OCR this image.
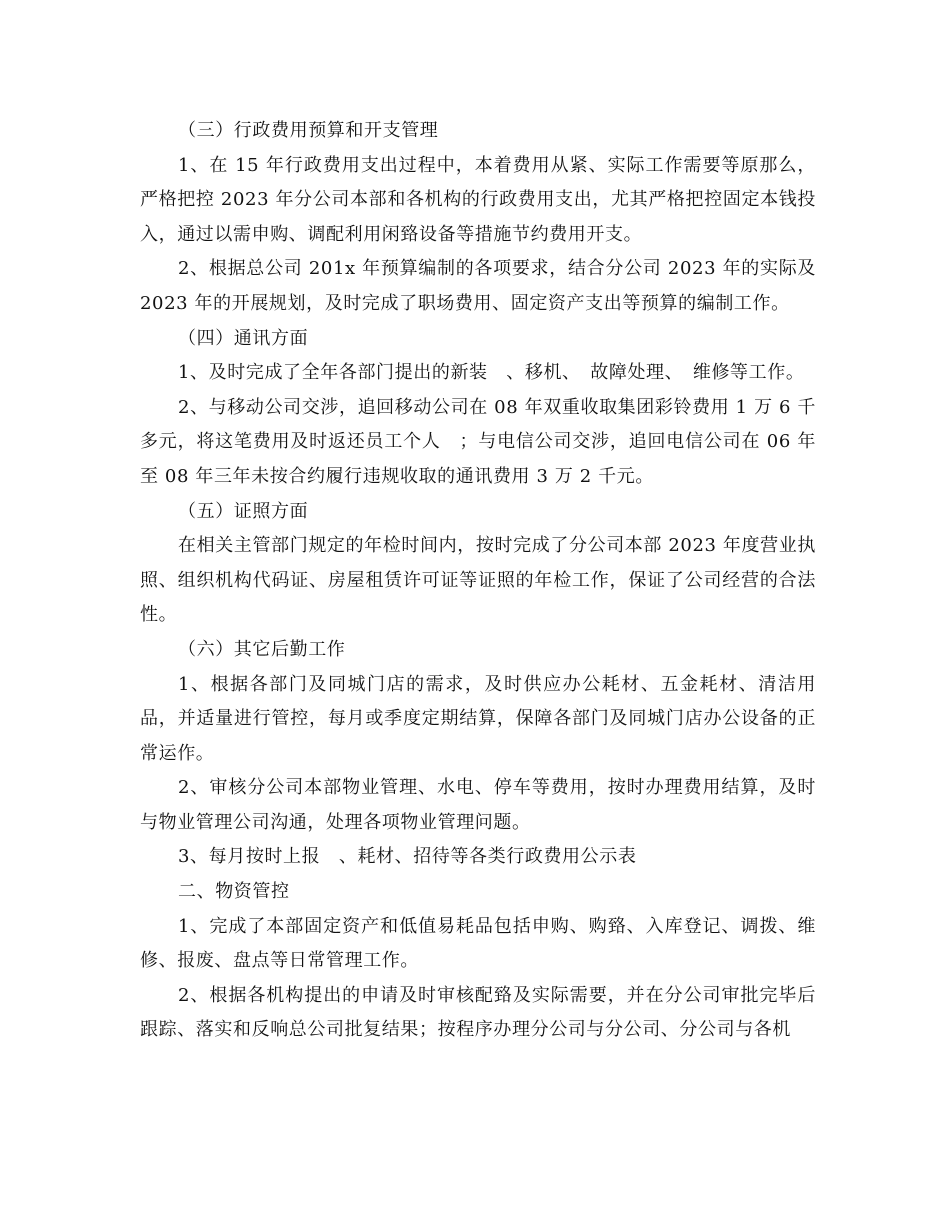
（三）行政费用预算和开支管理

1、在 15 年行政费用支出过程中，本着费用从紧、实际工作需要等原那么，严格把控 2023 年分公司本部和各机构的行政费用支出，尤其严格把控固定本钱投入，通过以需申购、调配利用闲臵设备等措施节约费用开支。

2、根据总公司 201x 年预算编制的各项要求，结合分公司 2023 年的实际及 2023 年的开展规划，及时完成了职场费用、固定资产支出等预算的编制工作。

（四）通讯方面

1、及时完成了全年各部门提出的新装　、移机、　故障处理、　维修等工作。

2、与移动公司交涉，追回移动公司在 08 年双重收取集团彩铃费用 1 万 6 千多元，将这笔费用及时返还员工个人　；与电信公司交涉，追回电信公司在 06 年至 08 年三年未按合约履行违规收取的通讯费用 3 万 2 千元。

（五）证照方面

在相关主管部门规定的年检时间内，按时完成了分公司本部 2023 年度营业执照、组织机构代码证、房屋租赁许可证等证照的年检工作，保证了公司经营的合法性。

（六）其它后勤工作

1、根据各部门及同城门店的需求，及时供应办公耗材、五金耗材、清洁用品，并适量进行管控，每月或季度定期结算，保障各部门及同城门店办公设备的正常运作。

2、审核分公司本部物业管理、水电、停车等费用，按时办理费用结算，及时与物业管理公司沟通，处理各项物业管理问题。

3、每月按时上报　、耗材、招待等各类行政费用公示表

二、物资管控

1、完成了本部固定资产和低值易耗品包括申购、购臵、入库登记、调拨、维修、报废、盘点等日常管理工作。

2、根据各机构提出的申请及时审核配臵及实际需要，并在分公司审批完毕后跟踪、落实和反响总公司批复结果；按程序办理分公司与分公司、分公司与各机
